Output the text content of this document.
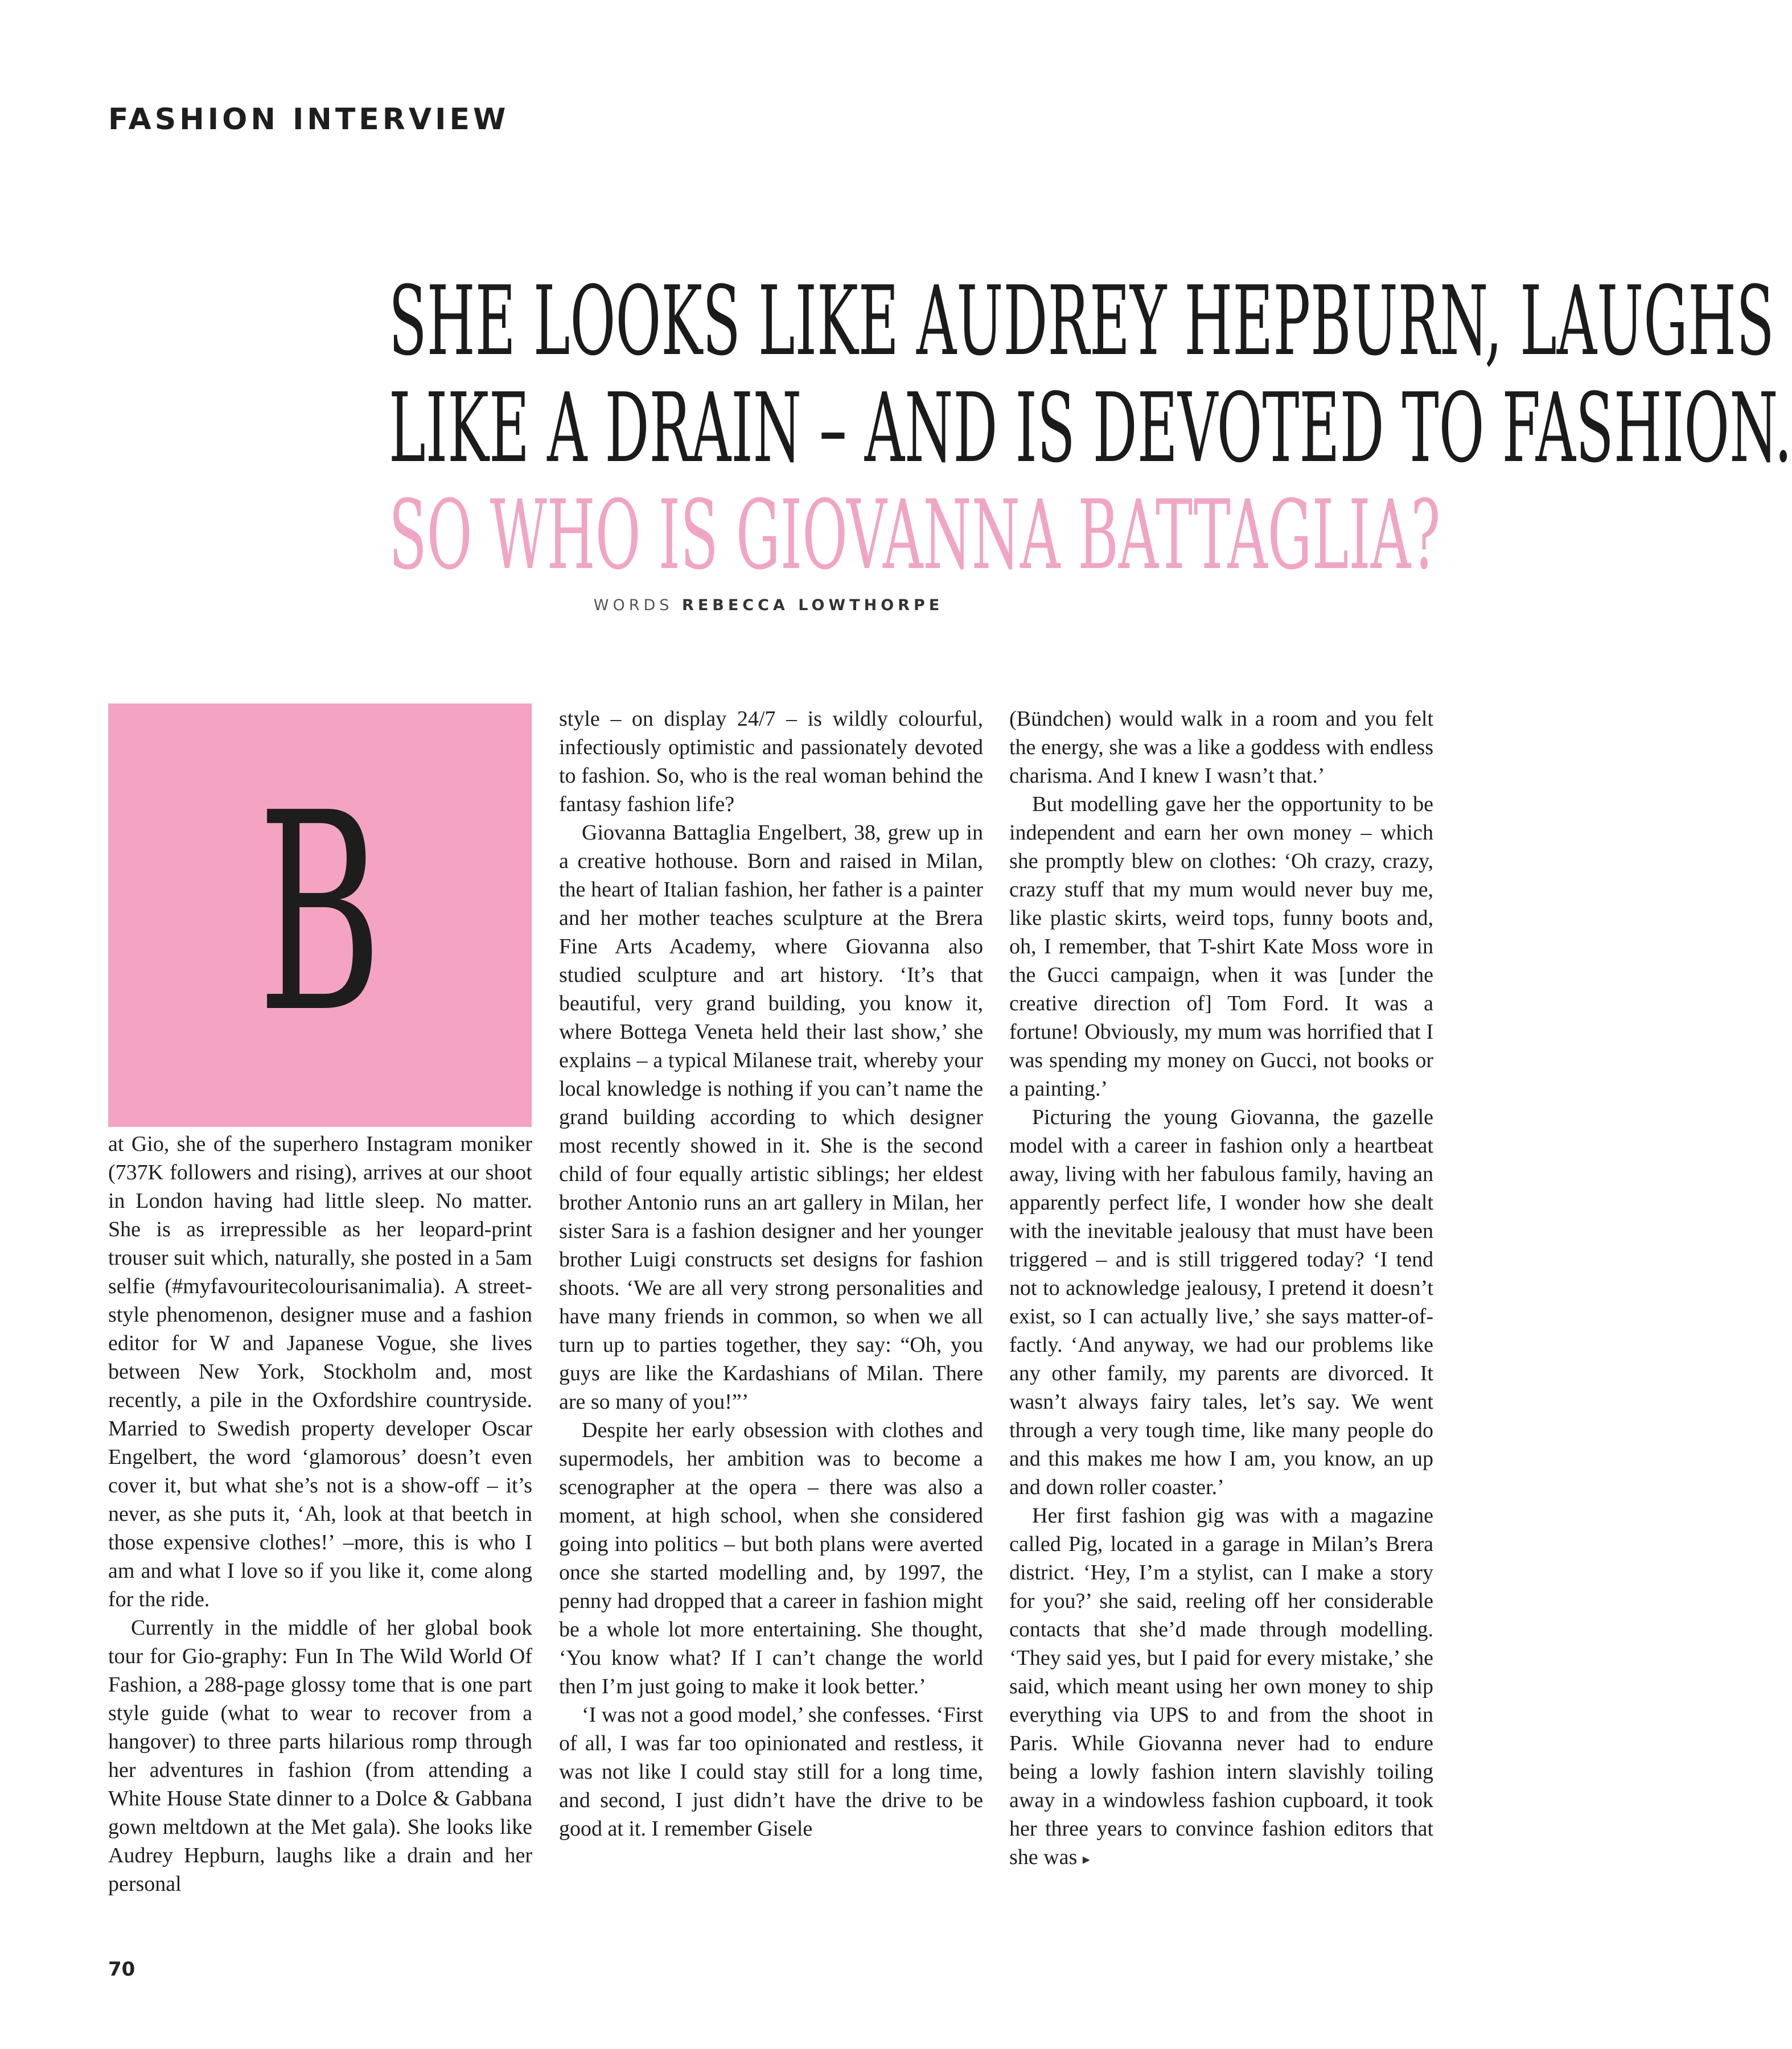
FASHION INTERVIEW
SHE LOOKS LIKE AUDREY HEPBURN, LAUGHS
LIKE A DRAIN – AND IS DEVOTED TO FASHION.
SO WHO IS GIOVANNA BATTAGLIA?
WORDS REBECCA LOWTHORPE
B

at Gio, she of the superhero Instagram moniker (737K followers and rising), arrives at our shoot in London having had little sleep. No matter. She is as irrepressible as her leopard-print trouser suit which, naturally, she posted in a 5am selfie (#myfavouritecolourisanimalia). A street-style phenomenon, designer muse and a fashion editor for W and Japanese Vogue, she lives between New York, Stockholm and, most recently, a pile in the Oxfordshire countryside. Married to Swedish property developer Oscar Engelbert, the word ‘glamorous’ doesn’t even cover it, but what she’s not is a show-off – it’s never, as she puts it, ‘Ah, look at that beetch in those expensive clothes!’ –more, this is who I am and what I love so if you like it, come along for the ride.

Currently in the middle of her global book tour for Gio-graphy: Fun In The Wild World Of Fashion, a 288-page glossy tome that is one part style guide (what to wear to recover from a hangover) to three parts hilarious romp through her adventures in fashion (from attending a White House State dinner to a Dolce & Gabbana gown meltdown at the Met gala). She looks like Audrey Hepburn, laughs like a drain and her personal

style – on display 24/7 – is wildly colourful, infectiously optimistic and passionately devoted to fashion. So, who is the real woman behind the fantasy fashion life?

Giovanna Battaglia Engelbert, 38, grew up in a creative hothouse. Born and raised in Milan, the heart of Italian fashion, her father is a painter and her mother teaches sculpture at the Brera Fine Arts Academy, where Giovanna also studied sculpture and art history. ‘It’s that beautiful, very grand building, you know it, where Bottega Veneta held their last show,’ she explains – a typical Milanese trait, whereby your local knowledge is nothing if you can’t name the grand building according to which designer most recently showed in it. She is the second child of four equally artistic siblings; her eldest brother Antonio runs an art gallery in Milan, her sister Sara is a fashion designer and her younger brother Luigi constructs set designs for fashion shoots. ‘We are all very strong personalities and have many friends in common, so when we all turn up to parties together, they say: “Oh, you guys are like the Kardashians of Milan. There are so many of you!”’

Despite her early obsession with clothes and supermodels, her ambition was to become a scenographer at the opera – there was also a moment, at high school, when she considered going into politics – but both plans were averted once she started modelling and, by 1997, the penny had dropped that a career in fashion might be a whole lot more entertaining. She thought, ‘You know what? If I can’t change the world then I’m just going to make it look better.’

‘I was not a good model,’ she confesses. ‘First of all, I was far too opinionated and restless, it was not like I could stay still for a long time, and second, I just didn’t have the drive to be good at it. I remember Gisele

(Bündchen) would walk in a room and you felt the energy, she was a like a goddess with endless charisma. And I knew I wasn’t that.’

But modelling gave her the opportunity to be independent and earn her own money – which she promptly blew on clothes: ‘Oh crazy, crazy, crazy stuff that my mum would never buy me, like plastic skirts, weird tops, funny boots and, oh, I remember, that T-shirt Kate Moss wore in the Gucci campaign, when it was [under the creative direction of] Tom Ford. It was a fortune! Obviously, my mum was horrified that I was spending my money on Gucci, not books or a painting.’

Picturing the young Giovanna, the gazelle model with a career in fashion only a heartbeat away, living with her fabulous family, having an apparently perfect life, I wonder how she dealt with the inevitable jealousy that must have been triggered – and is still triggered today? ‘I tend not to acknowledge jealousy, I pretend it doesn’t exist, so I can actually live,’ she says matter-of-factly. ‘And anyway, we had our problems like any other family, my parents are divorced. It wasn’t always fairy tales, let’s say. We went through a very tough time, like many people do and this makes me how I am, you know, an up and down roller coaster.’

Her first fashion gig was with a magazine called Pig, located in a garage in Milan’s Brera district. ‘Hey, I’m a stylist, can I make a story for you?’ she said, reeling off her considerable contacts that she’d made through modelling. ‘They said yes, but I paid for every mistake,’ she said, which meant using her own money to ship everything via UPS to and from the shoot in Paris. While Giovanna never had to endure being a lowly fashion intern slavishly toiling away in a windowless fashion cupboard, it took her three years to convince fashion editors that she was ▸

70
